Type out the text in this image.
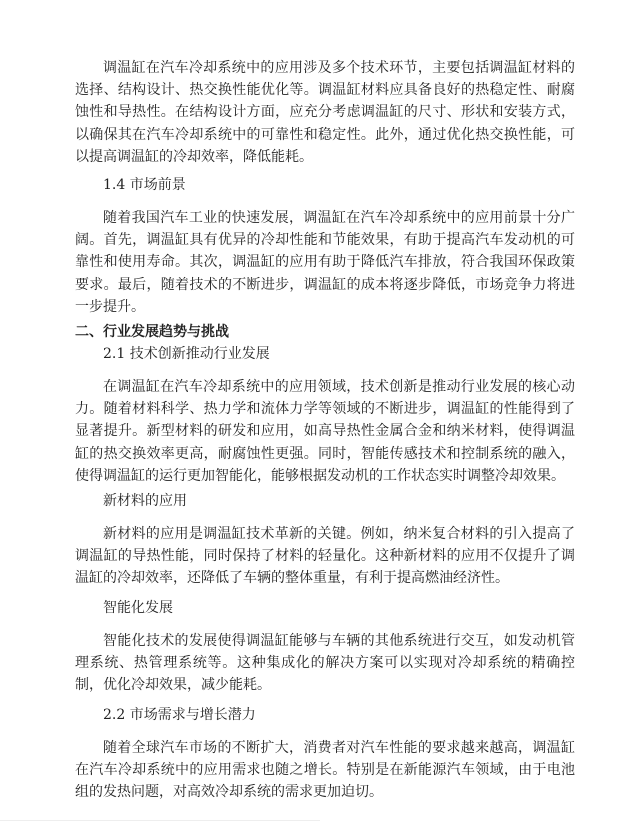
调温缸在汽车冷却系统中的应用涉及多个技术环节，主要包括调温缸材料的选择、结构设计、热交换性能优化等。调温缸材料应具备良好的热稳定性、耐腐蚀性和导热性。在结构设计方面，应充分考虑调温缸的尺寸、形状和安装方式，以确保其在汽车冷却系统中的可靠性和稳定性。此外，通过优化热交换性能，可以提高调温缸的冷却效率，降低能耗。

1.4 市场前景

随着我国汽车工业的快速发展，调温缸在汽车冷却系统中的应用前景十分广阔。首先，调温缸具有优异的冷却性能和节能效果，有助于提高汽车发动机的可靠性和使用寿命。其次，调温缸的应用有助于降低汽车排放，符合我国环保政策要求。最后，随着技术的不断进步，调温缸的成本将逐步降低，市场竞争力将进一步提升。

二、行业发展趋势与挑战

2.1 技术创新推动行业发展

在调温缸在汽车冷却系统中的应用领域，技术创新是推动行业发展的核心动力。随着材料科学、热力学和流体力学等领域的不断进步，调温缸的性能得到了显著提升。新型材料的研发和应用，如高导热性金属合金和纳米材料，使得调温缸的热交换效率更高，耐腐蚀性更强。同时，智能传感技术和控制系统的融入，使得调温缸的运行更加智能化，能够根据发动机的工作状态实时调整冷却效果。

新材料的应用

新材料的应用是调温缸技术革新的关键。例如，纳米复合材料的引入提高了调温缸的导热性能，同时保持了材料的轻量化。这种新材料的应用不仅提升了调温缸的冷却效率，还降低了车辆的整体重量，有利于提高燃油经济性。

智能化发展

智能化技术的发展使得调温缸能够与车辆的其他系统进行交互，如发动机管理系统、热管理系统等。这种集成化的解决方案可以实现对冷却系统的精确控制，优化冷却效果，减少能耗。

2.2 市场需求与增长潜力

随着全球汽车市场的不断扩大，消费者对汽车性能的要求越来越高，调温缸在汽车冷却系统中的应用需求也随之增长。特别是在新能源汽车领域，由于电池组的发热问题，对高效冷却系统的需求更加迫切。
